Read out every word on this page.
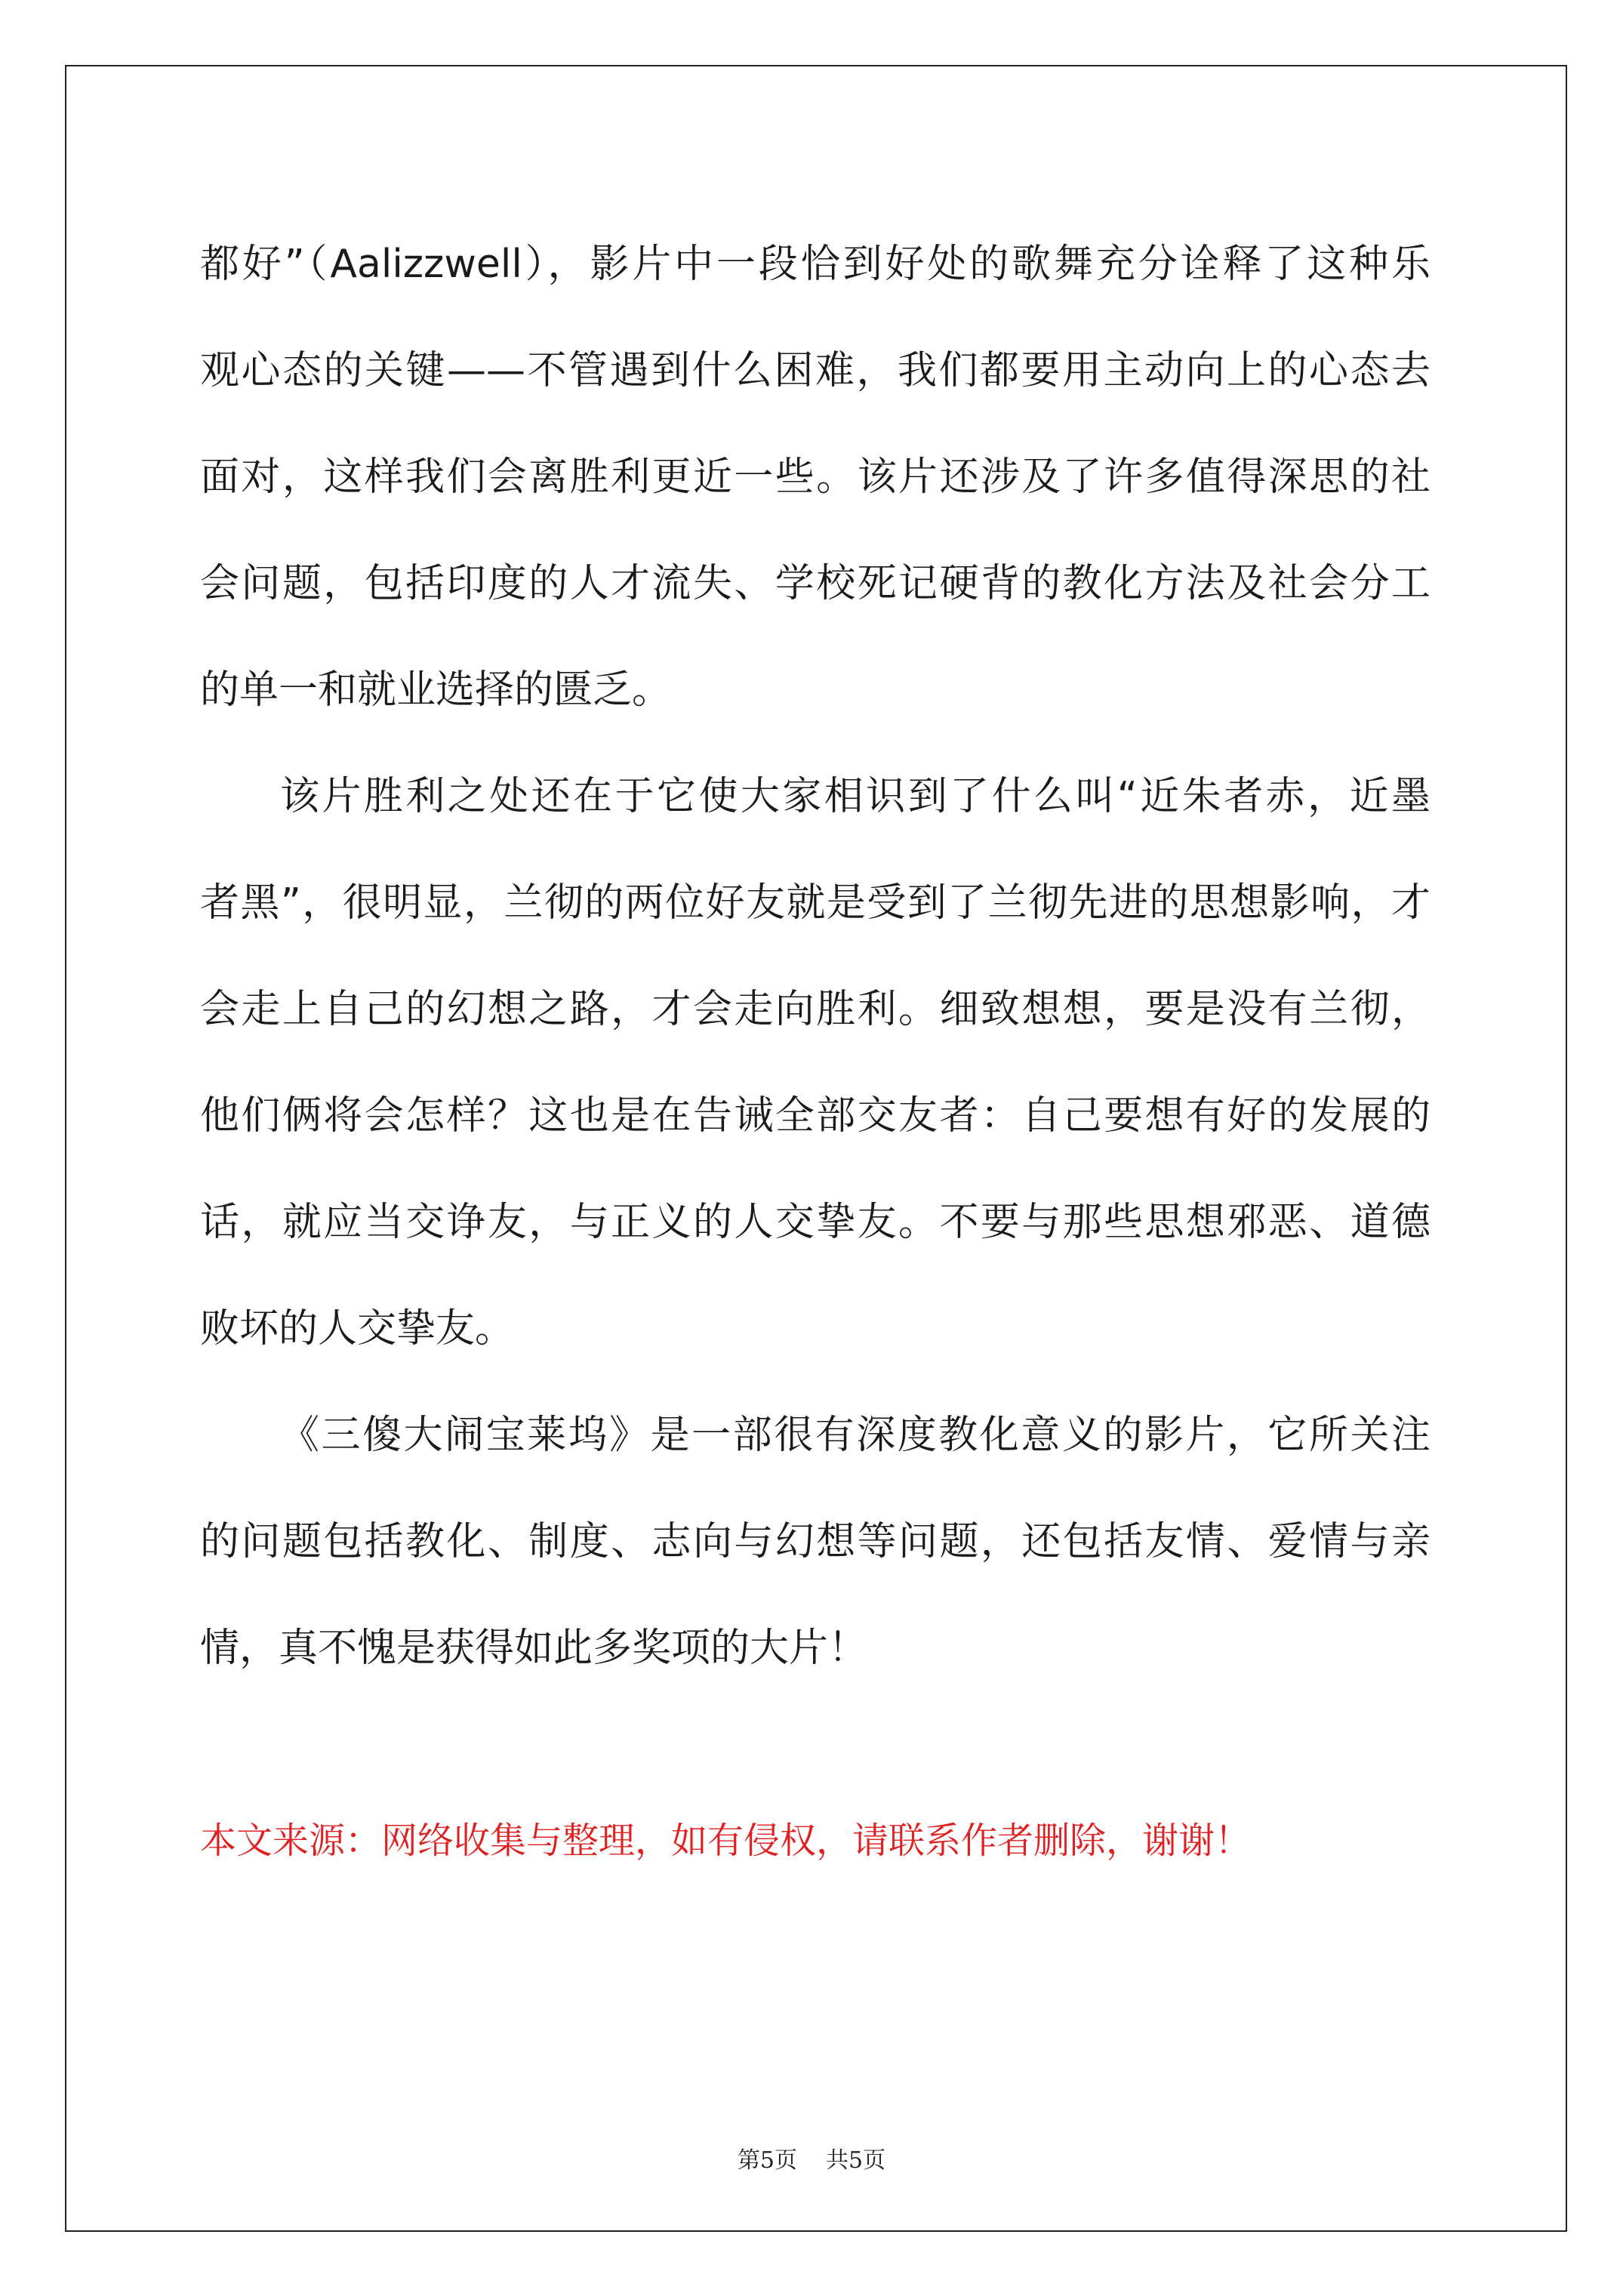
都好”（Aalizzwell），影片中一段恰到好处的歌舞充分诠释了这种乐
观心态的关键——不管遇到什么困难，我们都要用主动向上的心态去
面对，这样我们会离胜利更近一些。该片还涉及了许多值得深思的社
会问题，包括印度的人才流失、学校死记硬背的教化方法及社会分工
的单一和就业选择的匮乏。
该片胜利之处还在于它使大家相识到了什么叫“近朱者赤，近墨
者黑”，很明显，兰彻的两位好友就是受到了兰彻先进的思想影响，才
会走上自己的幻想之路，才会走向胜利。细致想想，要是没有兰彻，
他们俩将会怎样？这也是在告诫全部交友者：自己要想有好的发展的
话，就应当交诤友，与正义的人交挚友。不要与那些思想邪恶、道德
败坏的人交挚友。
《三傻大闹宝莱坞》是一部很有深度教化意义的影片，它所关注
的问题包括教化、制度、志向与幻想等问题，还包括友情、爱情与亲
情，真不愧是获得如此多奖项的大片！
本文来源：网络收集与整理，如有侵权，请联系作者删除，谢谢！
第5页 共5页
